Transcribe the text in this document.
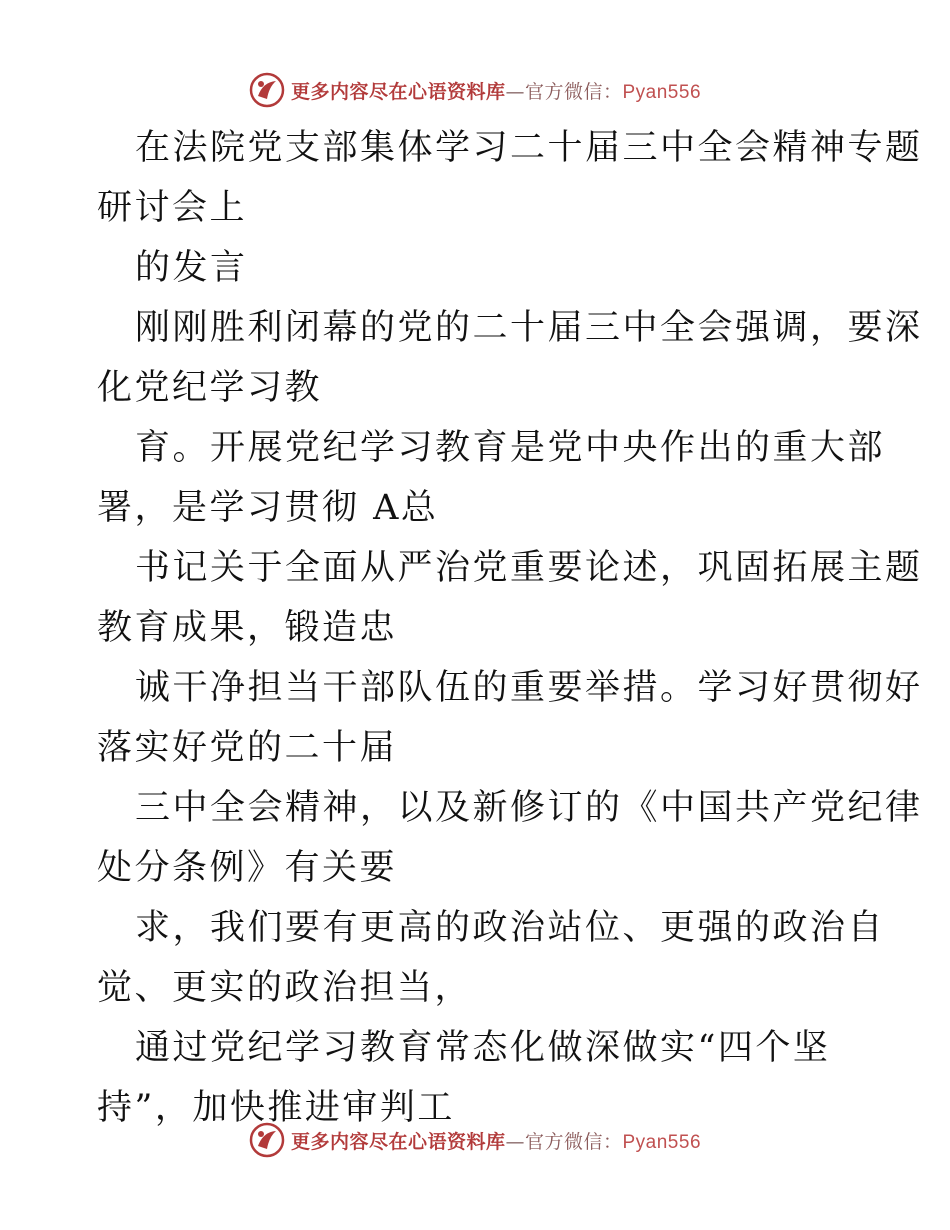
更多内容尽在心语资料库—官方微信：Pyan556
在法院党支部集体学习二十届三中全会精神专题
研讨会上
的发言
刚刚胜利闭幕的党的二十届三中全会强调，要深
化党纪学习教
育。开展党纪学习教育是党中央作出的重大部
署，是学习贯彻 A总
书记关于全面从严治党重要论述，巩固拓展主题
教育成果，锻造忠
诚干净担当干部队伍的重要举措。学习好贯彻好
落实好党的二十届
三中全会精神，以及新修订的《中国共产党纪律
处分条例》有关要
求，我们要有更高的政治站位、更强的政治自
觉、更实的政治担当，
通过党纪学习教育常态化做深做实“四个坚
持”，加快推进审判工
更多内容尽在心语资料库—官方微信：Pyan556
